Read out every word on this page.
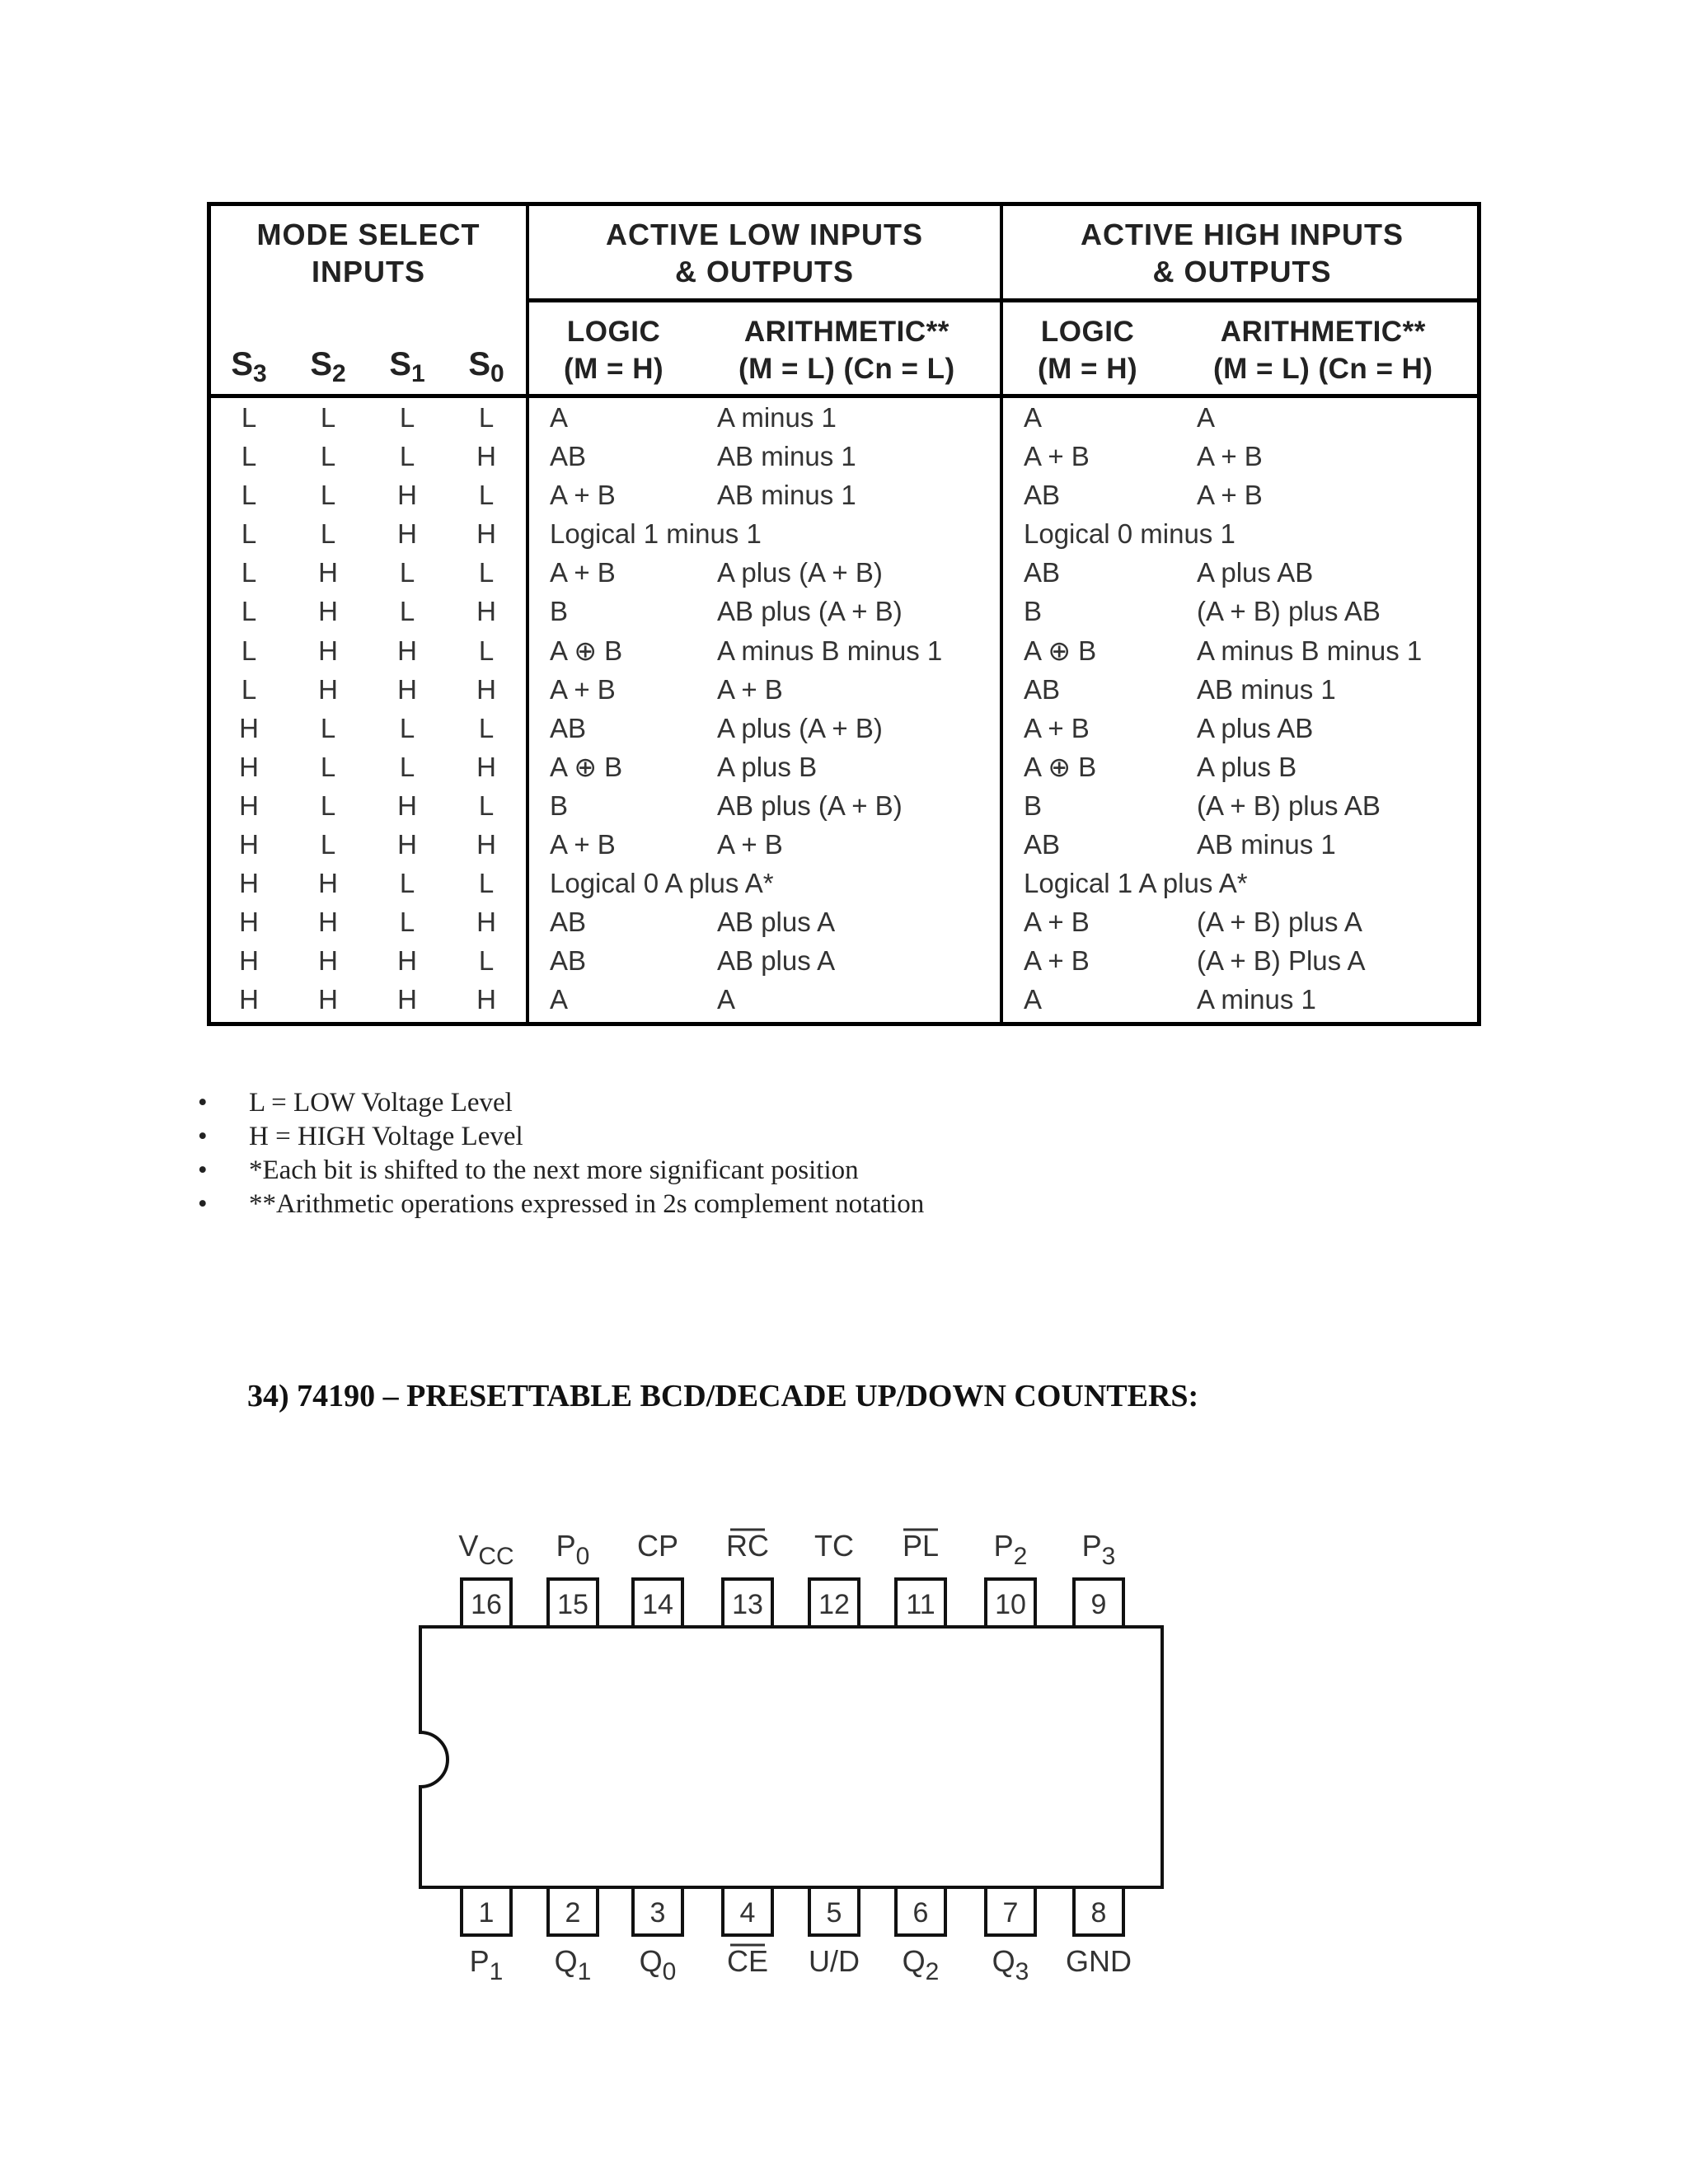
MODE SELECT
INPUTS
ACTIVE LOW INPUTS
& OUTPUTS
ACTIVE HIGH INPUTS
& OUTPUTS
LOGIC
(M = H)
ARITHMETIC**
(M = L) (Cn = L)
LOGIC
(M = H)
ARITHMETIC**
(M = L) (Cn = H)
$S_3$ $S_2$ $S_1$ $S_0$
L	L	L	L	A	A minus 1	A	A
L	L	L	H	AB	AB minus 1	A + B	A + B
L	L	H	L	A + B	AB minus 1	AB	A + B
L	L	H	H	Logical 1 minus 1	Logical 0 minus 1
L	H	L	L	A + B	A plus (A + B)	AB	A plus AB
L	H	L	H	B	AB plus (A + B)	B	(A + B) plus AB
L	H	H	L	A ⊕ B	A minus B minus 1	A ⊕ B	A minus B minus 1
L	H	H	H	A + B	A + B	AB	AB minus 1
H	L	L	L	AB	A plus (A + B)	A + B	A plus AB
H	L	L	H	A ⊕ B	A plus B	A ⊕ B	A plus B
H	L	H	L	B	AB plus (A + B)	B	(A + B) plus AB
H	L	H	H	A + B	A + B	AB	AB minus 1
H	H	L	L	Logical 0 A plus A*	Logical 1 A plus A*
H	H	L	H	AB	AB plus A	A + B	(A + B) plus A
H	H	H	L	AB	AB plus A	A + B	(A + B) Plus A
H	H	H	H	A	A	A	A minus 1
• L = LOW Voltage Level
• H = HIGH Voltage Level
• *Each bit is shifted to the next more significant position
• **Arithmetic operations expressed in 2s complement notation
34) 74190 – PRESETTABLE BCD/DECADE UP/DOWN COUNTERS:
16
$V_{CC}$
15
$P_0$
14
CP
13
RC
12
TC
11
PL
10
$P_2$
9
$P_3$
1
$P_1$
2
$Q_1$
3
$Q_0$
4
CE
5
U/D
6
$Q_2$
7
$Q_3$
8
GND
